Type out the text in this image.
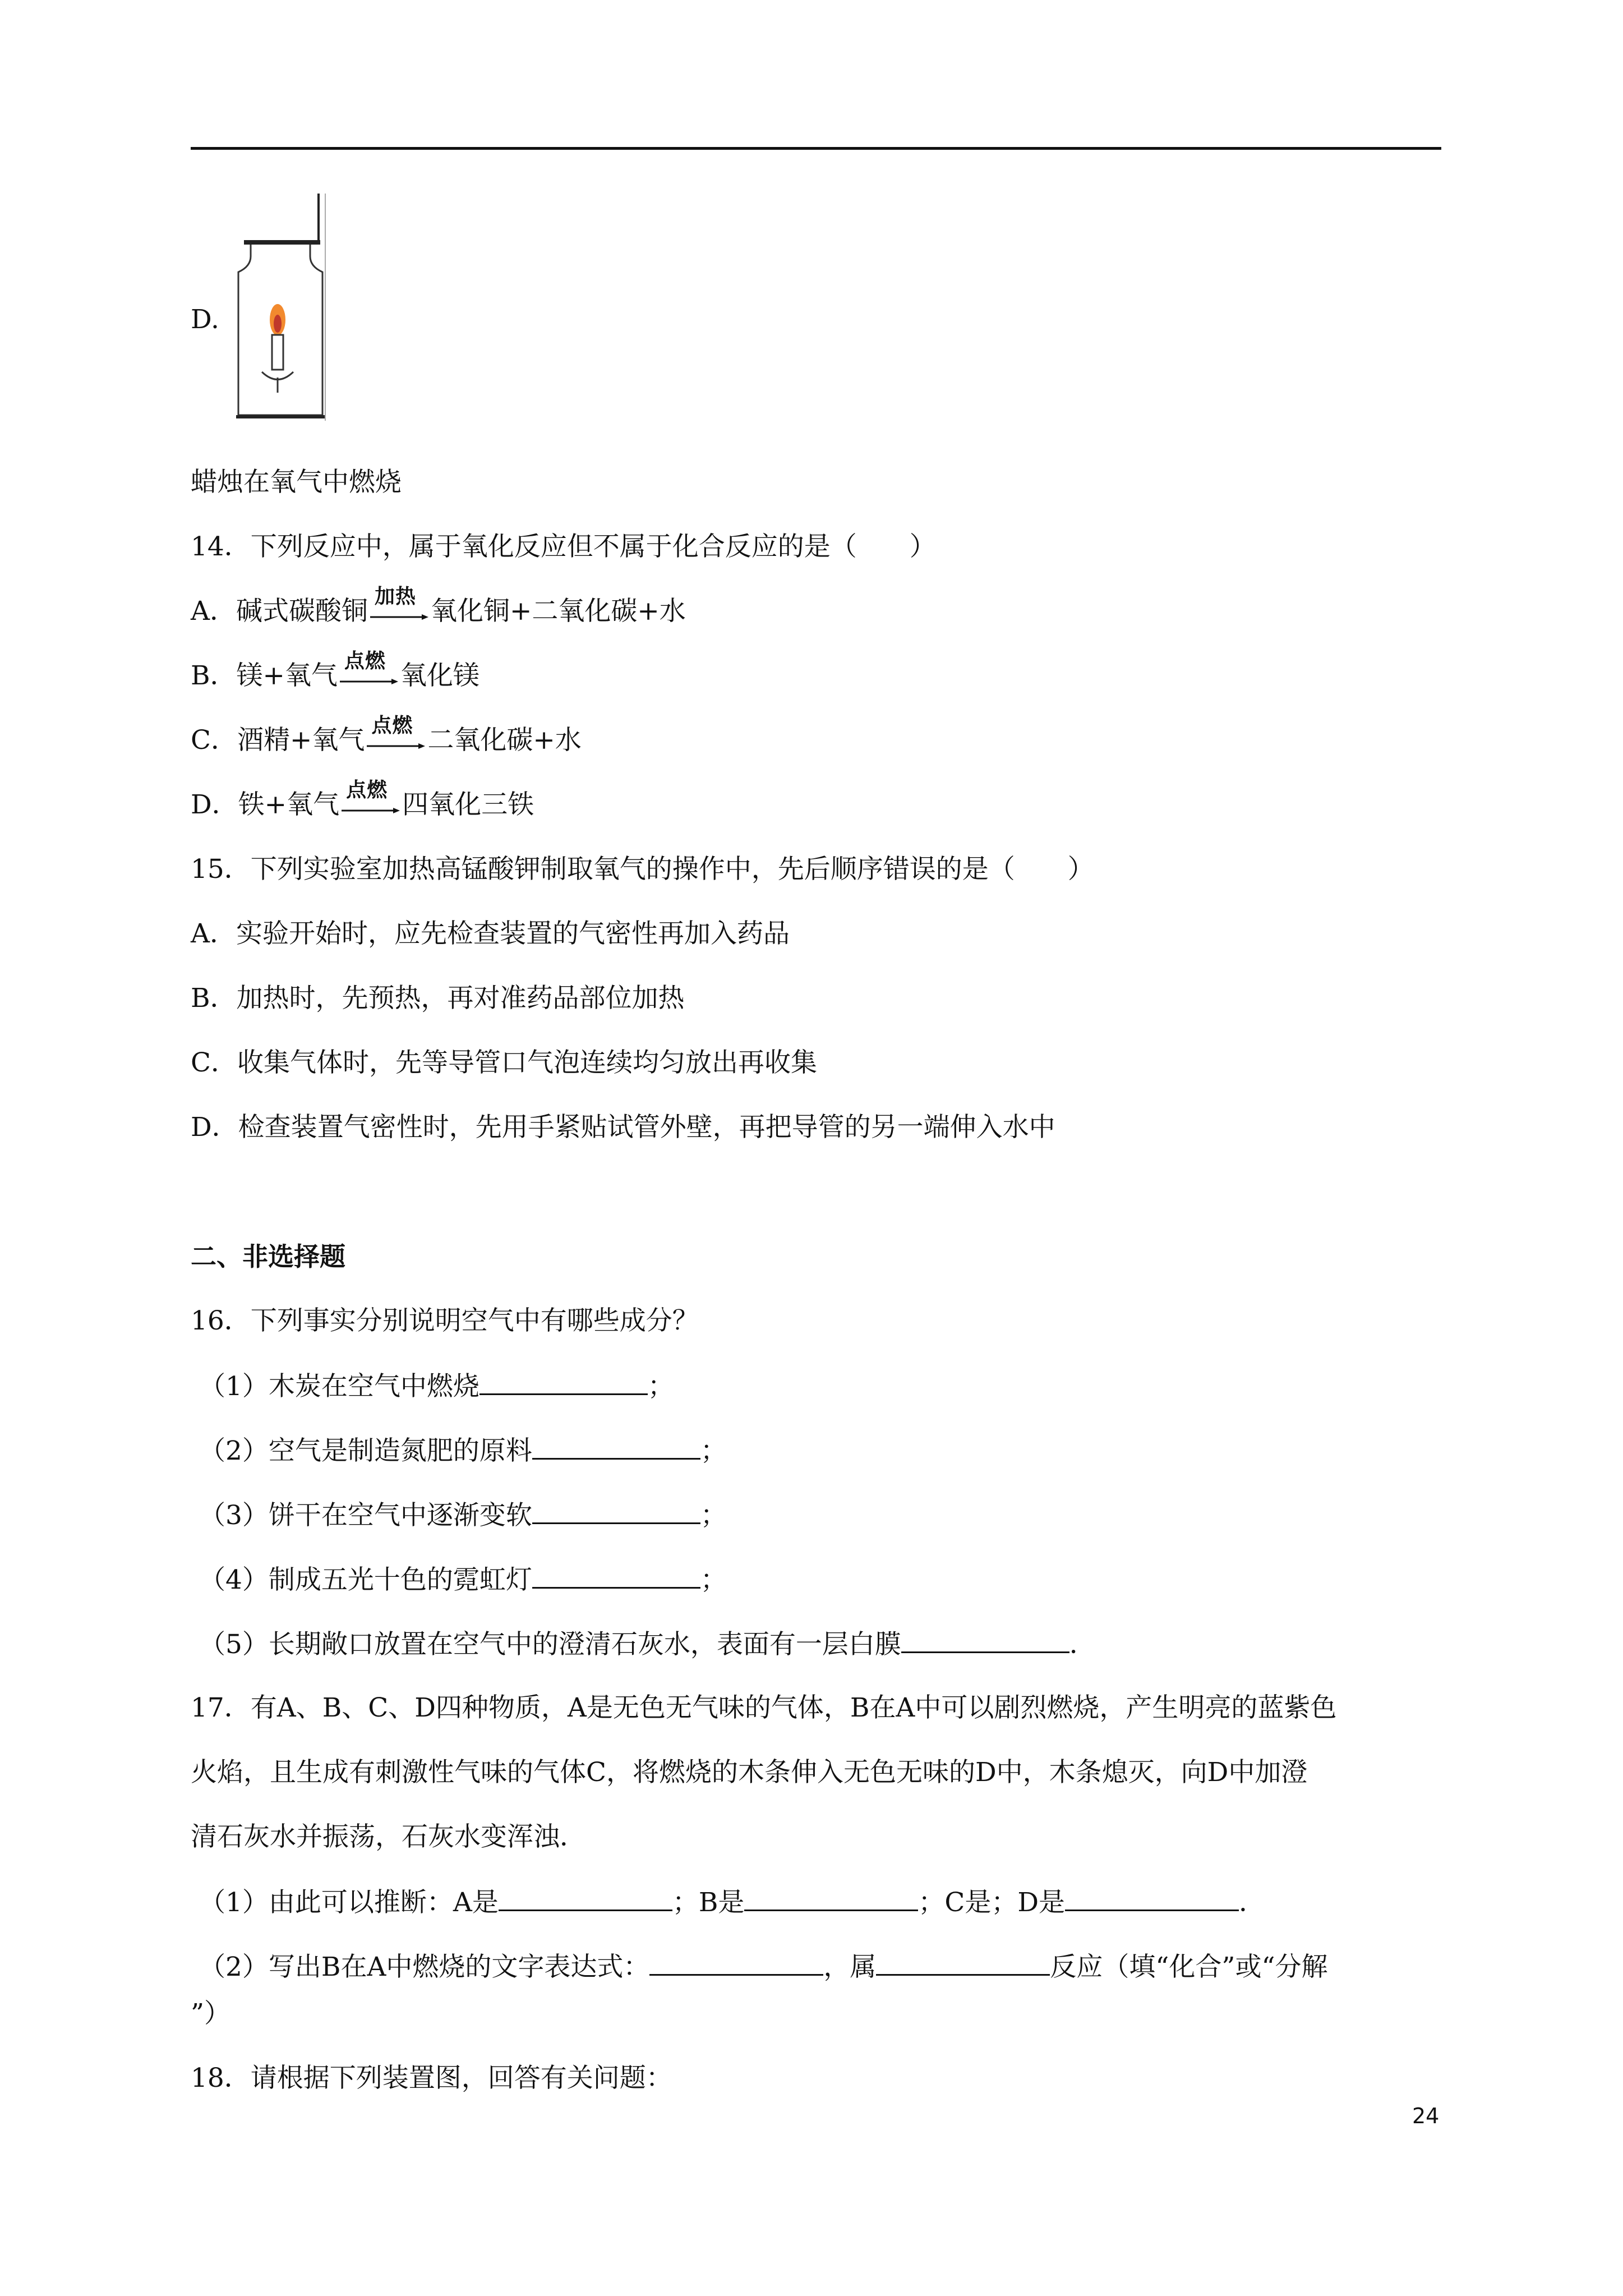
D.
蜡烛在氧气中燃烧
14．下列反应中，属于氧化反应但不属于化合反应的是（　　）
A．碱式碳酸铜 加热 氧化铜+二氧化碳+水
B．镁+氧气 点燃 氧化镁
C．酒精+氧气 点燃 二氧化碳+水
D．铁+氧气 点燃 四氧化三铁
15．下列实验室加热高锰酸钾制取氧气的操作中，先后顺序错误的是（　　）
A．实验开始时，应先检查装置的气密性再加入药品
B．加热时，先预热，再对准药品部位加热
C．收集气体时，先等导管口气泡连续均匀放出再收集
D．检查装置气密性时，先用手紧贴试管外壁，再把导管的另一端伸入水中
二、非选择题
16．下列事实分别说明空气中有哪些成分？
（1）木炭在空气中燃烧	；
（2）空气是制造氮肥的原料	；
（3）饼干在空气中逐渐变软	；
（4）制成五光十色的霓虹灯	；
（5）长期敞口放置在空气中的澄清石灰水，表面有一层白膜	．
17．有A、B、C、D四种物质，A是无色无气味的气体，B在A中可以剧烈燃烧，产生明亮的蓝紫色
火焰，且生成有刺激性气味的气体C，将燃烧的木条伸入无色无味的D中，木条熄灭，向D中加澄
清石灰水并振荡，石灰水变浑浊．
（1）由此可以推断：A是	；B是	；C是；D是	．
（2）写出B在A中燃烧的文字表达式：	，属	反应（填“化合”或“分解
”）
18．请根据下列装置图，回答有关问题：
24
